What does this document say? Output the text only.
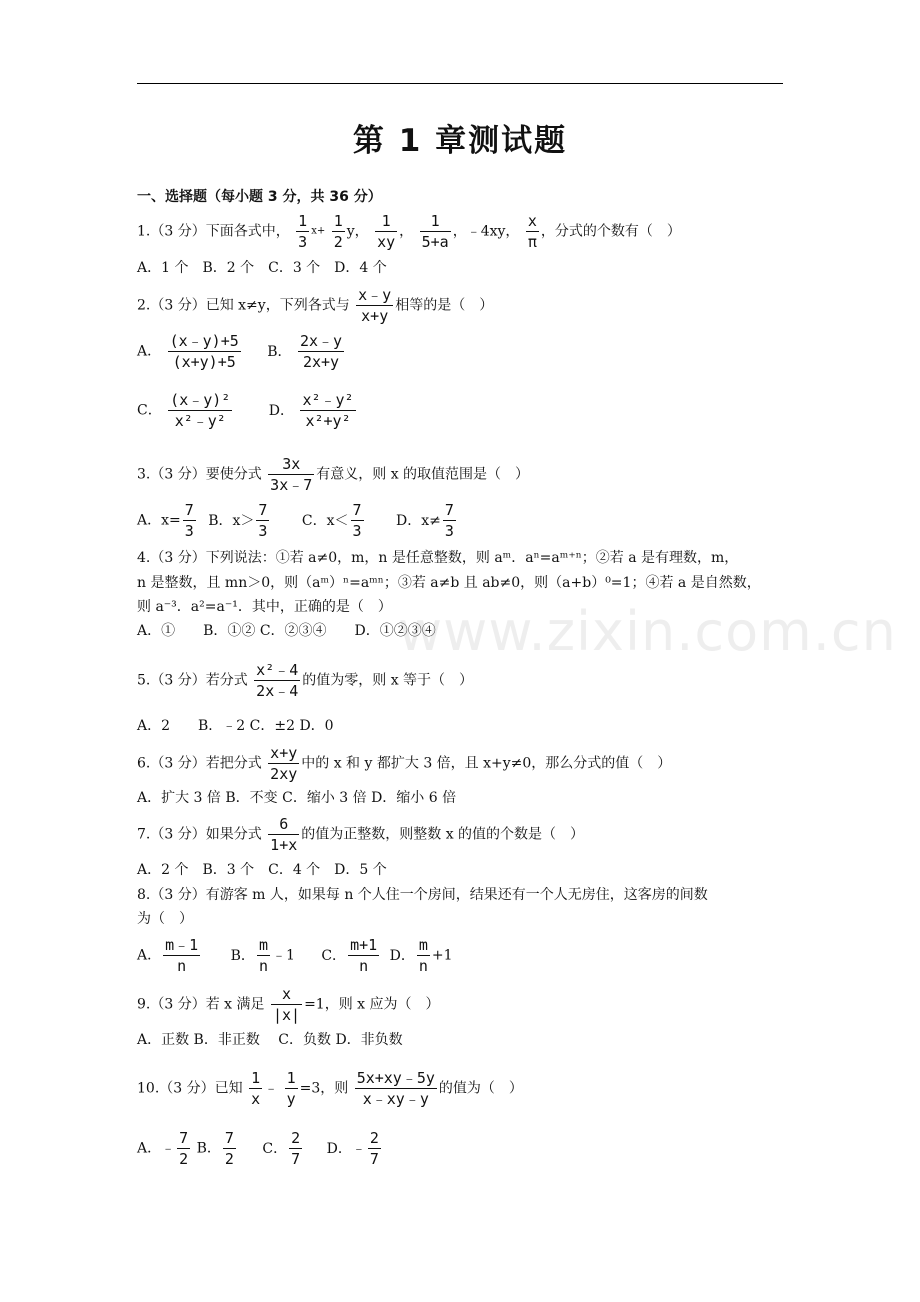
第 1 章测试题
一、选择题（每小题 3 分，共 36 分）
1.（3 分）下面各式中， $\frac{1}{3} x+ \frac{1}{2}$ y， $\frac{1}{xy}$ ， $\frac{1}{5+a}$ ，﹣4xy， $\frac{x}{\pi}$ ，分式的个数有（　）
A．1 个　B．2 个　C．3 个　D．4 个
2.（3 分）已知 x≠y，下列各式与 $\frac{x﹣y}{x+y}$ 相等的是（　）
A． $\frac{(x﹣y)+5}{(x+y)+5}$ B． $\frac{2x﹣y}{2x+y}$
C． $\frac{\text{(x﹣y)²}}{\text{x²﹣y²}}$	D． $\frac{\text{x²﹣y²}}{\text{x²+y²}}$
3.（3 分）要使分式 $\frac{3x}{3x﹣7}$ 有意义，则 x 的取值范围是（　）
A．$x= \frac{7}{3}$ B．$x> \frac{7}{3}$ C．$x< \frac{7}{3}$ D．$x\ne \frac{7}{3}$
4.（3 分）下列说法：①若 a≠0，m，n 是任意整数，则 aᵐ．aⁿ=aᵐ⁺ⁿ；②若 a 是有理数，m，
n 是整数，且 mn＞0，则（aᵐ）ⁿ=aᵐⁿ；③若 a≠b 且 ab≠0，则（a+b）⁰=1；④若 a 是自然数，
则 a⁻³．a²=a⁻¹．其中，正确的是（　）
A．①　　B．①② C．②③④　　D．①②③④
5.（3 分）若分式 $\frac{\text{x²﹣4}}{2x﹣4}$ 的值为零，则 x 等于（　）
A．2　　B．﹣2 C．±2 D．0
6.（3 分）若把分式 $\frac{x+y}{2xy}$ 中的 x 和 y 都扩大 3 倍，且 x+y≠0，那么分式的值（　）
A．扩大 3 倍 B．不变 C．缩小 3 倍 D．缩小 6 倍
7.（3 分）如果分式 $\frac{6}{1+x}$ 的值为正整数，则整数 x 的值的个数是（　）
A．2 个　B．3 个　C．4 个　D．5 个
8.（3 分）有游客 m 人，如果每 n 个人住一个房间，结果还有一个人无房住，这客房的间数
为（　）
A． $\frac{m﹣1}{n}$ B． $\frac{m}{n}$ ﹣1 C． $\frac{m+1}{n}$ D． $\frac{m}{n} +1$
9.（3 分）若 x 满足 $\frac{x}{|x|} =1$，则 x 应为（　）
A．正数 B．非正数　 C．负数 D．非负数
10.（3 分）已知 $\frac{1}{x}$ ﹣ $\frac{1}{y} =3$，则 $\frac{5x+xy﹣5y}{x﹣xy﹣y}$ 的值为（　）
A．﹣ $\frac{7}{2}$ B． $\frac{7}{2}$ C． $\frac{2}{7}$ D．﹣ $\frac{2}{7}$
www.zixin.com.cn
